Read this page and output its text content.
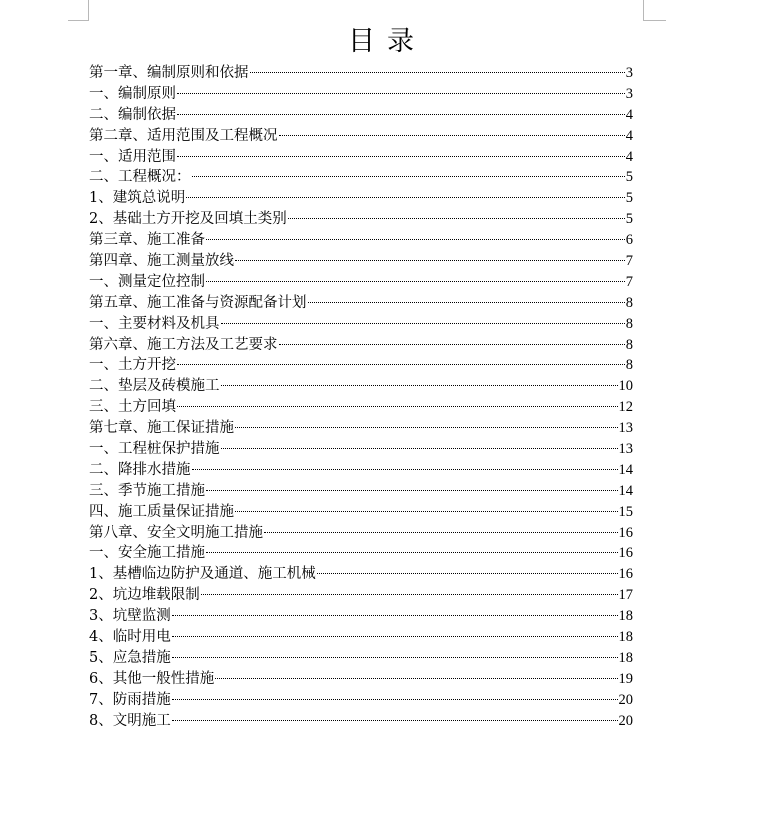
目录
第一章、编制原则和依据	3
一、编制原则	3
二、编制依据	4
第二章、适用范围及工程概况	4
一、适用范围	4
二、工程概况：	5
1、建筑总说明	5
2、基础土方开挖及回填土类别	5
第三章、施工准备	6
第四章、施工测量放线	7
一、测量定位控制	7
第五章、施工准备与资源配备计划	8
一、主要材料及机具	8
第六章、施工方法及工艺要求	8
一、土方开挖	8
二、垫层及砖模施工	10
三、土方回填	12
第七章、施工保证措施	13
一、工程桩保护措施	13
二、降排水措施	14
三、季节施工措施	14
四、施工质量保证措施	15
第八章、安全文明施工措施	16
一、安全施工措施	16
1、基槽临边防护及通道、施工机械	16
2、坑边堆载限制	17
3、坑壁监测	18
4、临时用电	18
5、应急措施	18
6、其他一般性措施	19
7、防雨措施	20
8、文明施工	20
